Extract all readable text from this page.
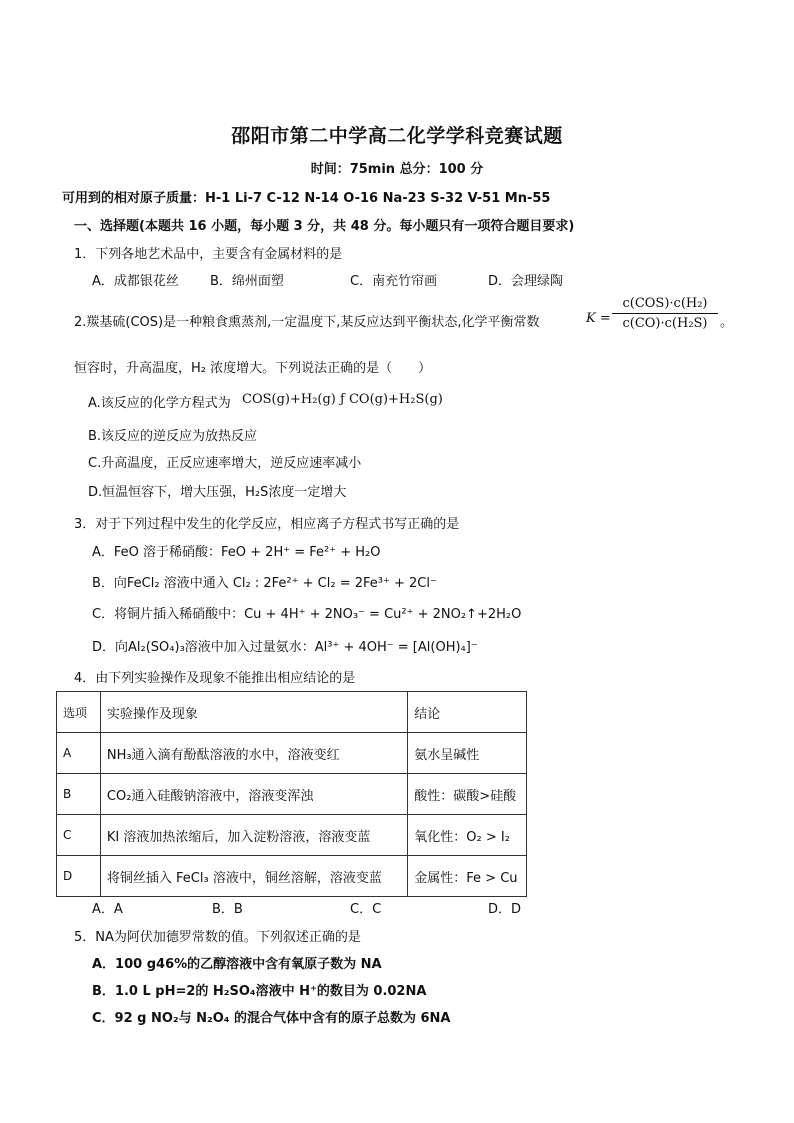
邵阳市第二中学高二化学学科竞赛试题
时间：75min 总分：100 分
可用到的相对原子质量：H-1 Li-7 C-12 N-14 O-16 Na-23 S-32 V-51 Mn-55
一、选择题(本题共 16 小题，每小题 3 分，共 48 分。每小题只有一项符合题目要求)
1．下列各地艺术品中，主要含有金属材料的是
A．成都银花丝 B．绵州面塑	C．南充竹帘画	D．会理绿陶
2.羰基硫(COS)是一种粮食熏蒸剂,一定温度下,某反应达到平衡状态,化学平衡常数	K =
c(COS)·c(H₂)
c(CO)·c(H₂S) 。
恒容时，升高温度，H₂ 浓度增大。下列说法正确的是（　　）
A.该反应的化学方程式为 COS(g)+H₂(g) ƒ CO(g)+H₂S(g)
B.该反应的逆反应为放热反应
C.升高温度，正反应速率增大，逆反应速率减小
D.恒温恒容下，增大压强，H₂S浓度一定增大
3．对于下列过程中发生的化学反应，相应离子方程式书写正确的是
A．FeO 溶于稀硝酸：FeO + 2H⁺ = Fe²⁺ + H₂O
B．向FeCl₂ 溶液中通入 Cl₂ : 2Fe²⁺ + Cl₂ = 2Fe³⁺ + 2Cl⁻
C．将铜片插入稀硝酸中：Cu + 4H⁺ + 2NO₃⁻ = Cu²⁺ + 2NO₂↑+2H₂O
D．向Al₂(SO₄)₃溶液中加入过量氨水：Al³⁺ + 4OH⁻ = [Al(OH)₄]⁻
4．由下列实验操作及现象不能推出相应结论的是
选项	实验操作及现象	结论
A	NH₃通入滴有酚酞溶液的水中，溶液变红	氨水呈碱性
B	CO₂通入硅酸钠溶液中，溶液变浑浊	酸性：碳酸>硅酸
C	KI 溶液加热浓缩后，加入淀粉溶液，溶液变蓝	氧化性：O₂ > I₂
D	将铜丝插入 FeCl₃ 溶液中，铜丝溶解，溶液变蓝	金属性：Fe > Cu
A．A	B．B	C．C	D．D
5．NA为阿伏加德罗常数的值。下列叙述正确的是
A．100 g46%的乙醇溶液中含有氧原子数为 NA
B．1.0 L pH=2的 H₂SO₄溶液中 H⁺的数目为 0.02NA
C．92 g NO₂与 N₂O₄ 的混合气体中含有的原子总数为 6NA
